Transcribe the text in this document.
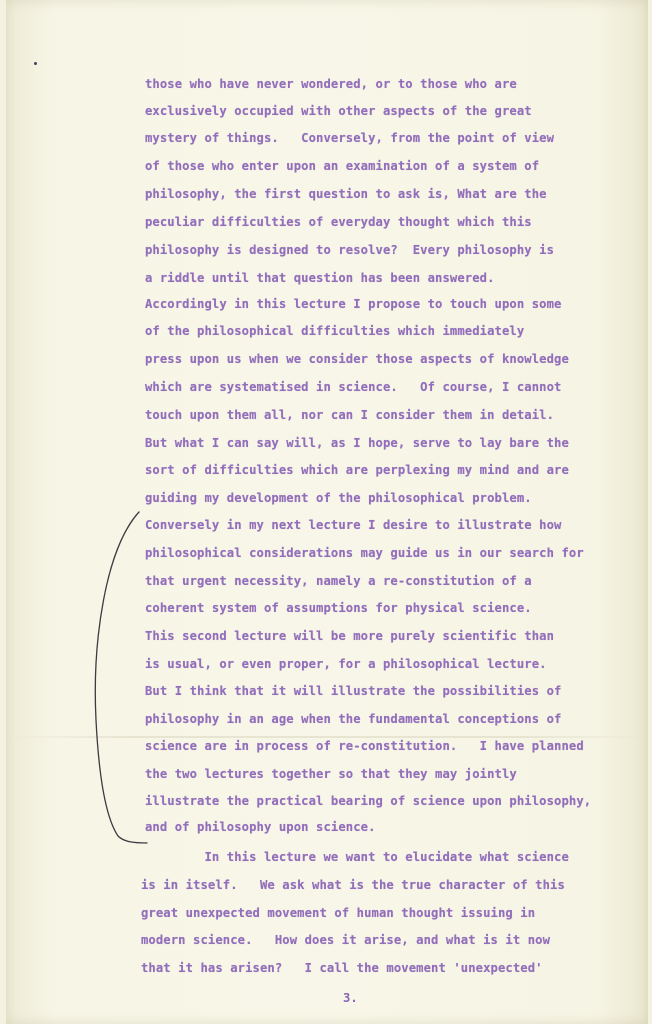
those who have never wondered, or to those who are

exclusively occupied with other aspects of the great

mystery of things.   Conversely, from the point of view

of those who enter upon an examination of a system of

philosophy, the first question to ask is, What are the

peculiar difficulties of everyday thought which this

philosophy is designed to resolve?  Every philosophy is

a riddle until that question has been answered.

Accordingly in this lecture I propose to touch upon some

of the philosophical difficulties which immediately

press upon us when we consider those aspects of knowledge

which are systematised in science.   Of course, I cannot

touch upon them all, nor can I consider them in detail.

But what I can say will, as I hope, serve to lay bare the

sort of difficulties which are perplexing my mind and are

guiding my development of the philosophical problem.

Conversely in my next lecture I desire to illustrate how

philosophical considerations may guide us in our search for

that urgent necessity, namely a re-constitution of a

coherent system of assumptions for physical science.

This second lecture will be more purely scientific than

is usual, or even proper, for a philosophical lecture.

But I think that it will illustrate the possibilities of

philosophy in an age when the fundamental conceptions of

science are in process of re-constitution.   I have planned

the two lectures together so that they may jointly

illustrate the practical bearing of science upon philosophy,

and of philosophy upon science.

In this lecture we want to elucidate what science

is in itself.   We ask what is the true character of this

great unexpected movement of human thought issuing in

modern science.   How does it arise, and what is it now

that it has arisen?   I call the movement 'unexpected'

3.
